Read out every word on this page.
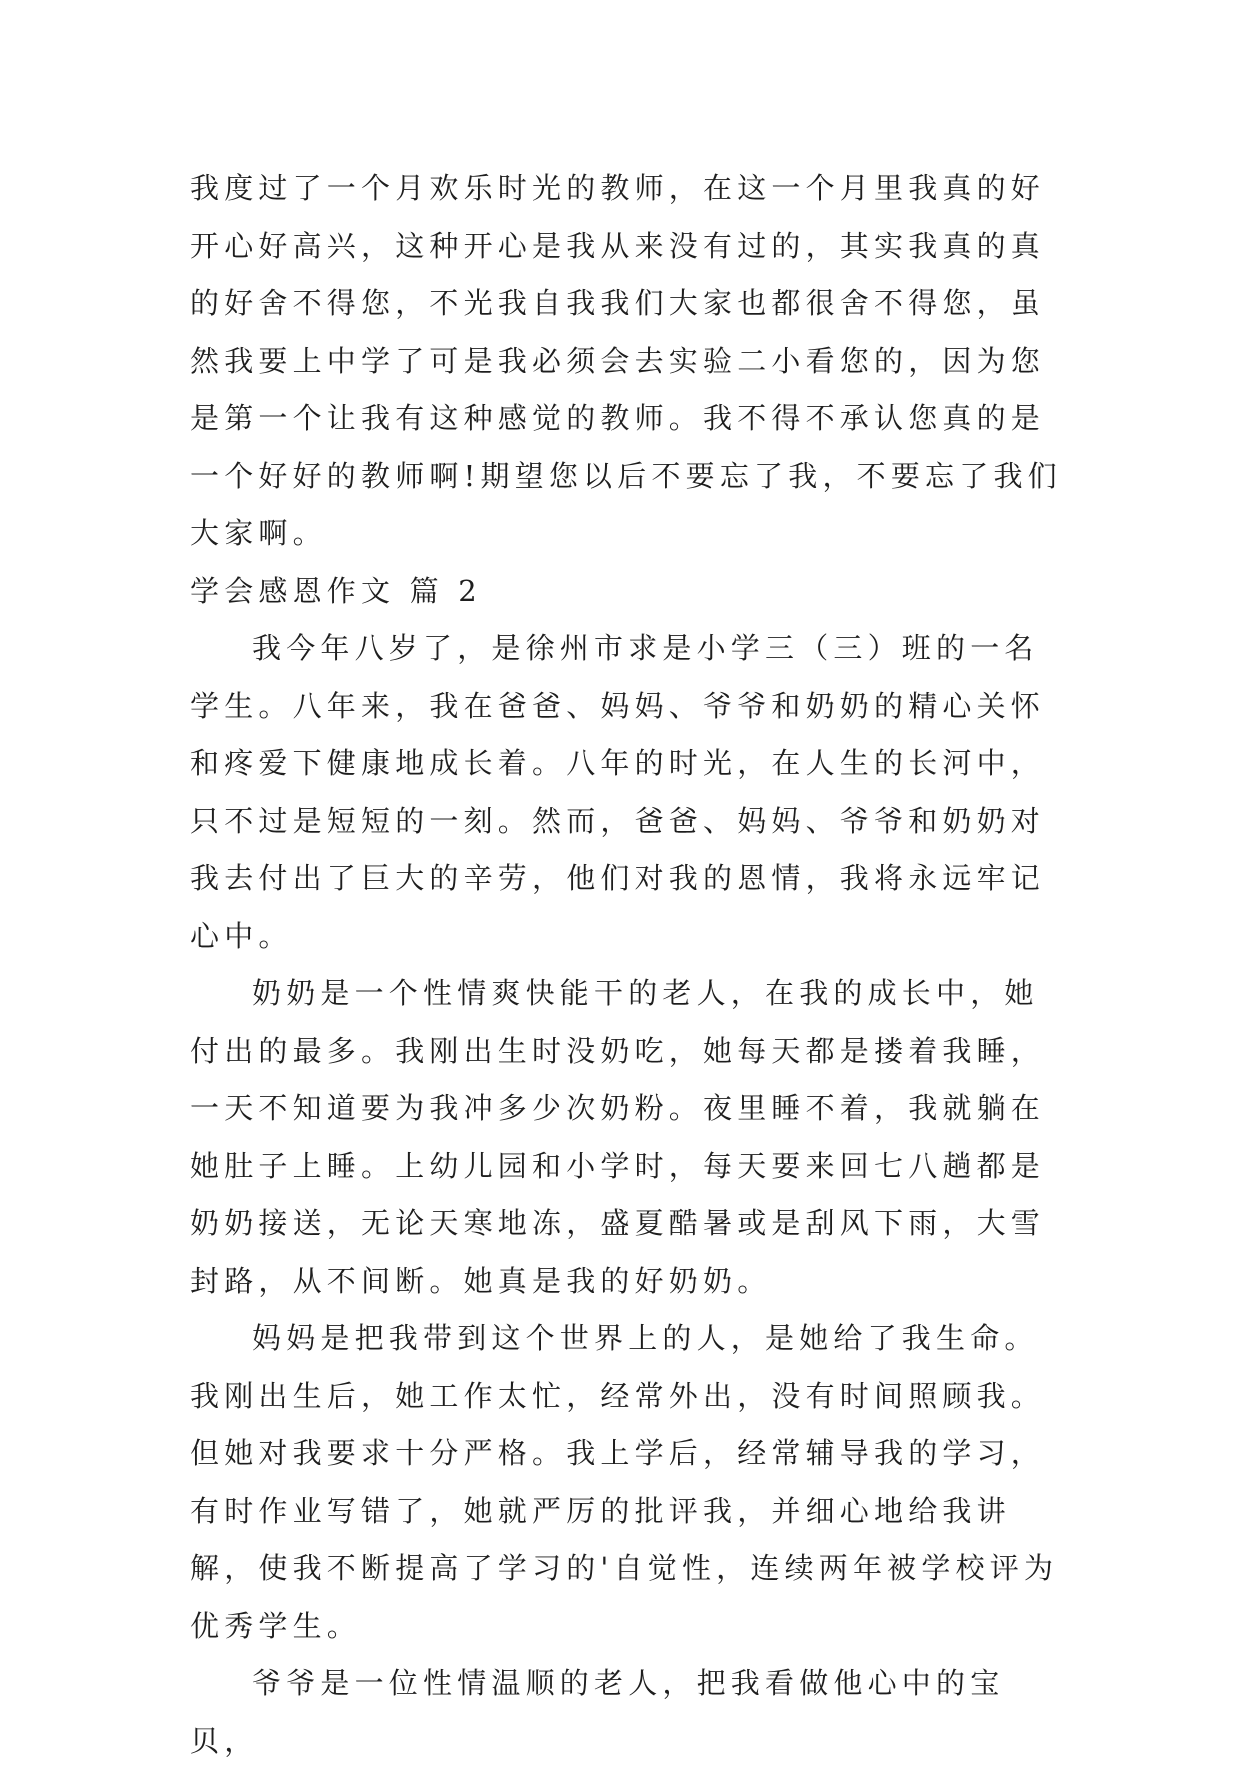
我度过了一个月欢乐时光的教师，在这一个月里我真的好开心好高兴，这种开心是我从来没有过的，其实我真的真的好舍不得您，不光我自我我们大家也都很舍不得您，虽然我要上中学了可是我必须会去实验二小看您的，因为您是第一个让我有这种感觉的教师。我不得不承认您真的是一个好好的教师啊!期望您以后不要忘了我，不要忘了我们大家啊。

学会感恩作文 篇 2

我今年八岁了，是徐州市求是小学三（三）班的一名学生。八年来，我在爸爸、妈妈、爷爷和奶奶的精心关怀和疼爱下健康地成长着。八年的时光，在人生的长河中，只不过是短短的一刻。然而，爸爸、妈妈、爷爷和奶奶对我去付出了巨大的辛劳，他们对我的恩情，我将永远牢记心中。

奶奶是一个性情爽快能干的老人，在我的成长中，她付出的最多。我刚出生时没奶吃，她每天都是搂着我睡，一天不知道要为我冲多少次奶粉。夜里睡不着，我就躺在她肚子上睡。上幼儿园和小学时，每天要来回七八趟都是奶奶接送，无论天寒地冻，盛夏酷暑或是刮风下雨，大雪封路，从不间断。她真是我的好奶奶。

妈妈是把我带到这个世界上的人，是她给了我生命。我刚出生后，她工作太忙，经常外出，没有时间照顾我。但她对我要求十分严格。我上学后，经常辅导我的学习，有时作业写错了，她就严厉的批评我，并细心地给我讲解，使我不断提高了学习的'自觉性，连续两年被学校评为优秀学生。

爷爷是一位性情温顺的老人，把我看做他心中的宝贝，
